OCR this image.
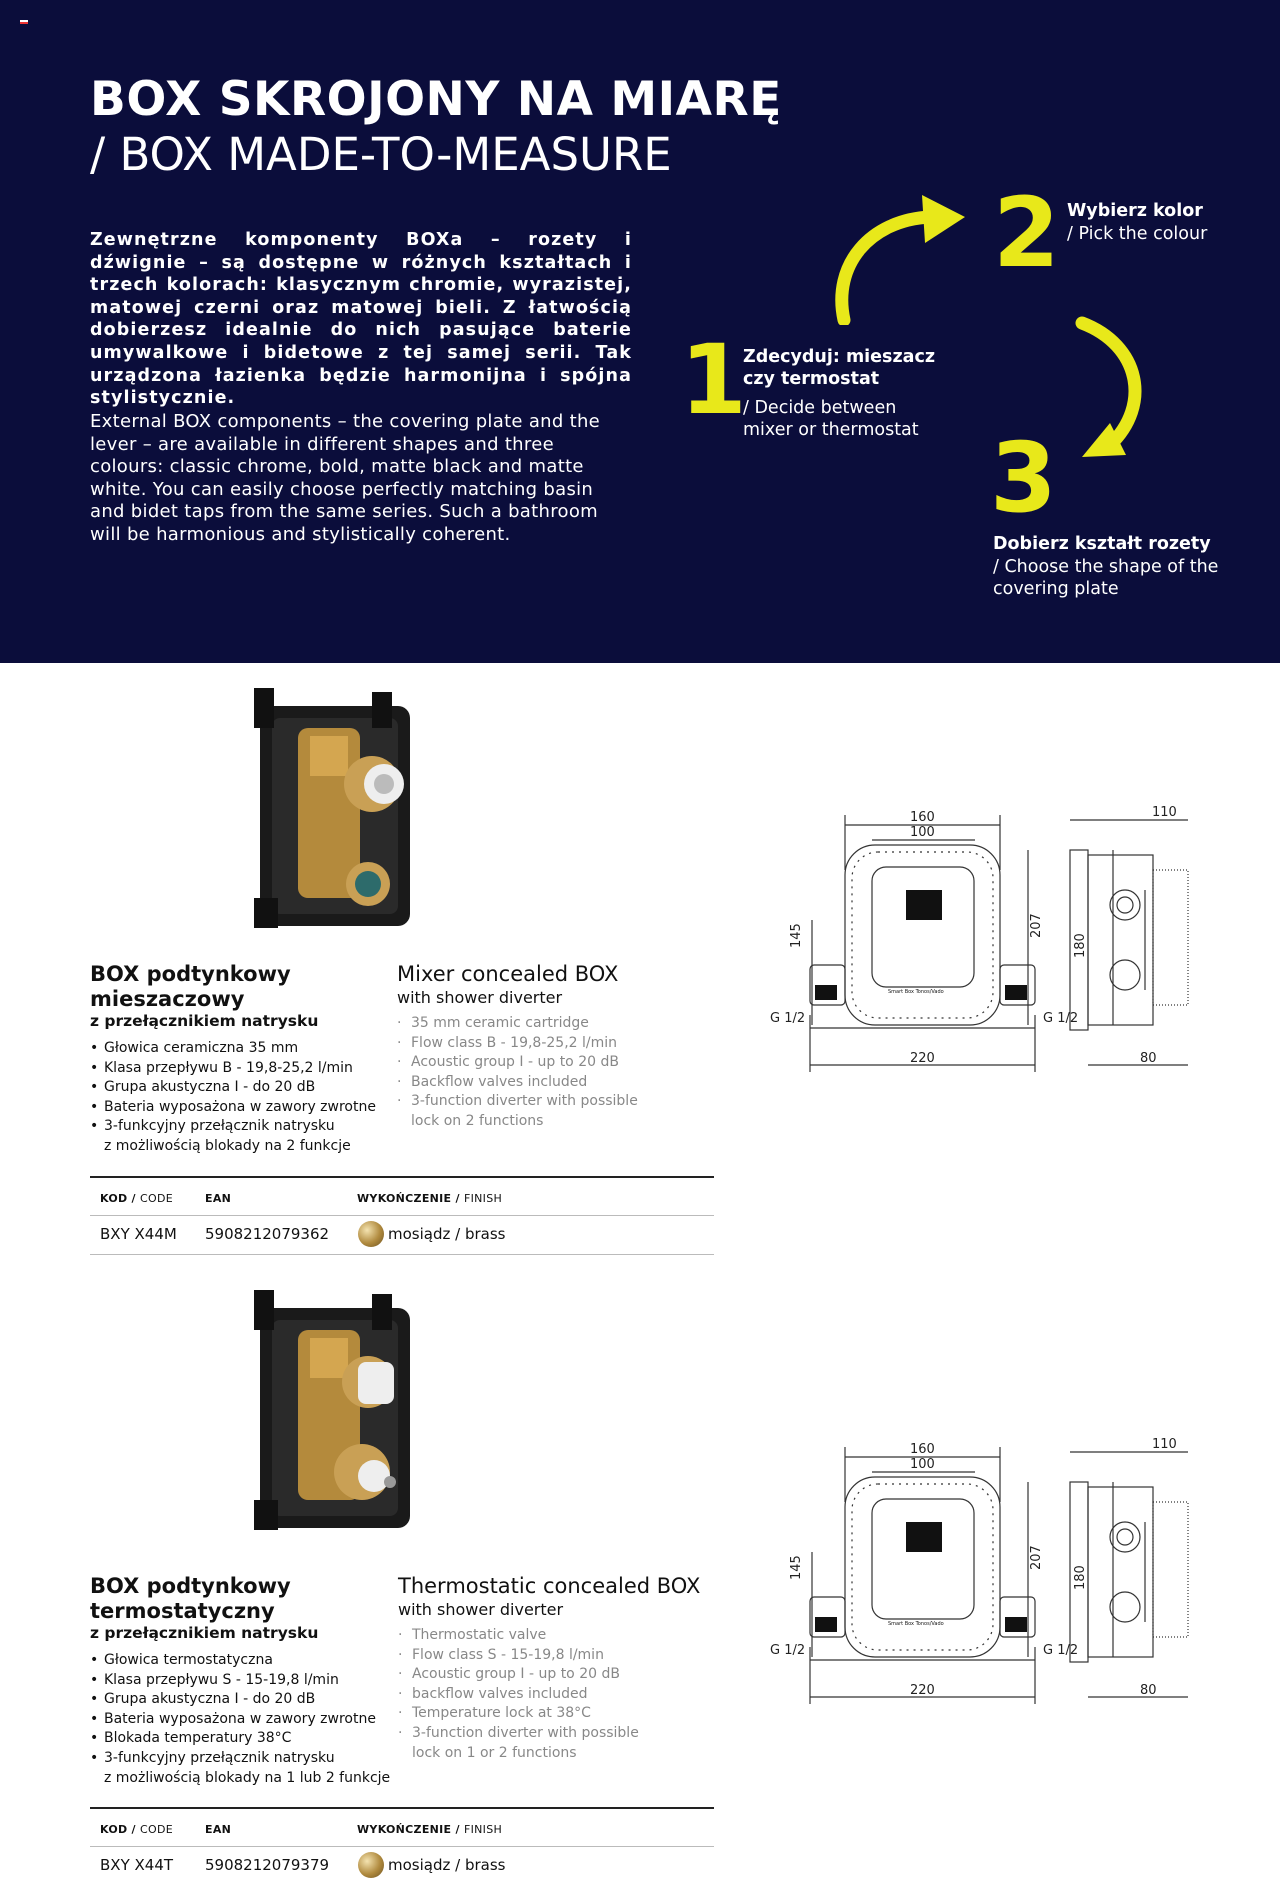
BOX SKROJONY NA MIARĘ
/ BOX MADE-TO-MEASURE
Zewnętrzne komponenty BOXa – rozety i dźwignie – są dostępne w różnych kształtach i trzech kolorach: klasycznym chromie, wyrazistej, matowej czerni oraz matowej bieli. Z łatwością dobierzesz idealnie do nich pasujące baterie umywalkowe i bidetowe z tej samej serii. Tak urządzona łazienka będzie harmonijna i spójna stylistycznie.
External BOX components – the covering plate and the lever – are available in different shapes and three colours: classic chrome, bold, matte black and matte white. You can easily choose perfectly matching basin and bidet taps from the same series. Such a bathroom will be harmonious and stylistically coherent.
1
Zdecyduj: mieszacz
czy termostat
/ Decide between
mixer or thermostat
2 Wybierz kolor
/ Pick the colour
3
Dobierz kształt rozety
/ Choose the shape of the
covering plate
BOX podtynkowy
mieszaczowy
z przełącznikiem natrysku
• Głowica ceramiczna 35 mm
• Klasa przepływu B - 19,8-25,2 l/min
• Grupa akustyczna I - do 20 dB
• Bateria wyposażona w zawory zwrotne
• 3-funkcyjny przełącznik natrysku
z możliwością blokady na 2 funkcje
Mixer concealed BOX
with shower diverter
· 35 mm ceramic cartridge
· Flow class B - 19,8-25,2 l/min
· Acoustic group I - up to 20 dB
· Backflow valves included
· 3-function diverter with possible
lock on 2 functions
KOD / CODE	EAN	WYKOŃCZENIE / FINISH
BXY X44M 5908212079362	mosiądz / brass
160
100
110
145	207
180
G 1/2	G 1/2
220	80
Smart Box Tonos/Vado
BOX podtynkowy
termostatyczny
z przełącznikiem natrysku
• Głowica termostatyczna
• Klasa przepływu S - 15-19,8 l/min
• Grupa akustyczna I - do 20 dB
• Bateria wyposażona w zawory zwrotne
• Blokada temperatury 38°C
• 3-funkcyjny przełącznik natrysku
z możliwością blokady na 1 lub 2 funkcje
Thermostatic concealed BOX
with shower diverter
· Thermostatic valve
· Flow class S - 15-19,8 l/min
· Acoustic group I - up to 20 dB
· backflow valves included
· Temperature lock at 38°C
· 3-function diverter with possible
lock on 1 or 2 functions
KOD / CODE	EAN	WYKOŃCZENIE / FINISH
BXY X44T 5908212079379	mosiądz / brass
160
100
110
145	207
180
G 1/2	G 1/2
220	80
Smart Box Tonos/Vado
